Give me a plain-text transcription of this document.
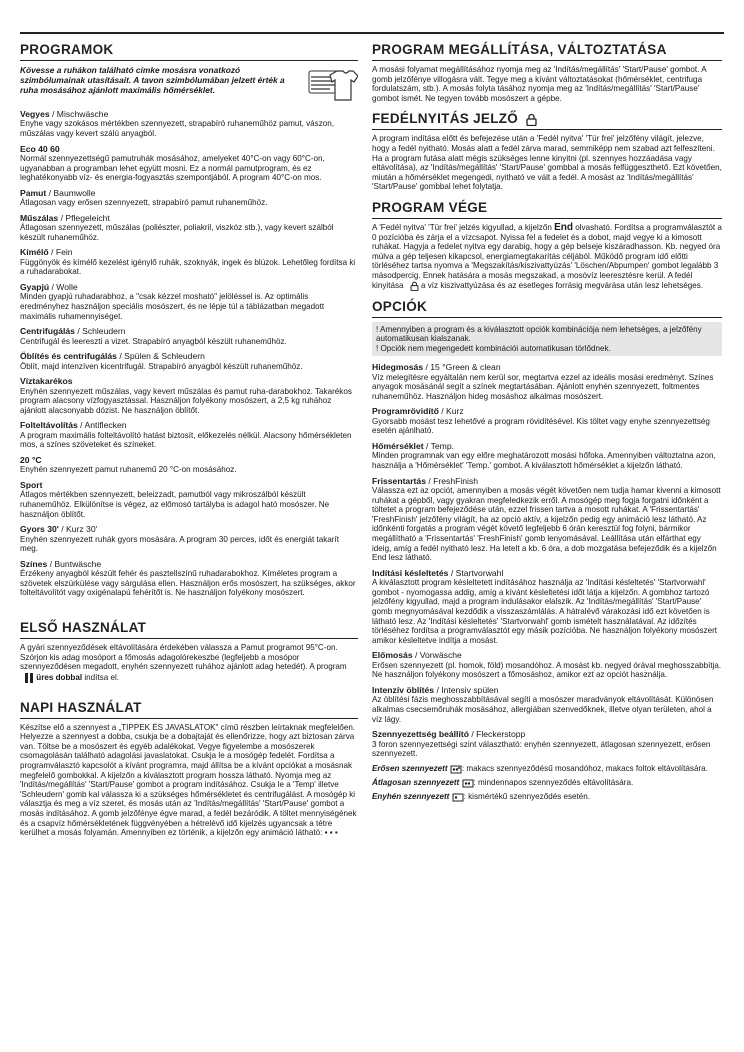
PROGRAMOK

Kövesse a ruhákon található címke mosásra vonatkozó szimbólumainak utasításait. A tavon szimbólumában jelzett érték a ruha mosásához ajánlott maximális hőmérséklet.

Vegyes / Mischwäsche

Enyhe vagy szokásos mértékben szennyezett, strapabíró ruhaneműhöz pamut, vászon, műszálas vagy kevert szálú anyagból.

Eco 40 60

Normál szennyezettségű pamutruhák mosásához, amelyeket 40°C-on vagy 60°C-on, ugyanabban a programban lehet együtt mosni. Ez a normál pamutprogram, és ez leghatékonyabb víz- és energia-fogyasztás szempontjából. A program 40°C-on mos.

Pamut / Baumwolle

Átlagosan vagy erősen szennyezett, strapabíró pamut ruhaneműhöz.

Műszálas / Pflegeleicht

Átlagosan szennyezett, műszálas (poliészter, poliakril, viszkóz stb.), vagy kevert szálból készült ruhaneműhöz.

Kímélő / Fein

Függönyök és kímélő kezelést igénylő ruhák, szoknyák, ingek és blúzok. Lehetőleg fordítsa ki a ruhadarabokat.

Gyapjú / Wolle

Minden gyapjú ruhadarabhoz, a "csak kézzel mosható" jelöléssel is. Az optimális eredményhez használjon speciális mosószert, és ne lépje túl a táblázatban megadott maximális ruhamennyiséget.

Centrifugálás / Schleudern

Centrifugál és leereszti a vizet. Strapabíró anyagból készült ruhaneműhöz.

Öblítés és centrifugálás / Spülen & Schleudern

Öblít, majd intenzíven kicentrifugál. Strapabíró anyagból készült ruhaneműhöz.

Víztakarékos

Enyhén szennyezett műszálas, vagy kevert műszálas és pamut ruha-darabokhoz. Takarékos program alacsony vízfogyasztással. Használjon folyékony mosószert, a 2,5 kg ruhához ajánlott alacsonyabb dózist. Ne használjon öblítőt.

Folteltávolítás / Antiflecken

A program maximális folteltávolító hatást biztosít, előkezelés nélkül. Alacsony hőmérsékleten mos, a színes szöveteket és színeket.

20 °C

Enyhén szennyezett pamut ruhanemű 20 °C-on mosásához.

Sport

Átlagos mértékben szennyezett, beleizzadt, pamutból vagy mikroszálból készült ruhaneműhöz. Elkülönítse is végez, az előmosó tartályba is adagol ható mosószer. Ne használjon öblítőt.

Gyors 30' / Kurz 30'

Enyhén szennyezett ruhák gyors mosására. A program 30 perces, időt és energiát takarít meg.

Színes / Buntwäsche

Érzékeny anyagból készült fehér és pasztellszínű ruhadarabokhoz. Kíméletes program a szövetek elszürkülése vagy sárgulása ellen. Használjon erős mosószert, ha szükséges, akkor folteltávolítót vagy oxigénalapú fehérítőt is. Ne használjon folyékony mosószert.

ELSŐ HASZNÁLAT

A gyári szennyeződések eltávolítására érdekében válassza a Pamut programot 95°C-on. Szórjon kis adag mosóport a főmosás adagolórekeszbe (legfeljebb a mosópor szennyeződésen megadott, enyhén szennyezett ruhához ajánlott adag hetedét). A program  üres dobbal indítsa el.

NAPI HASZNÁLAT

Készítse elő a szennyest a „TIPPEK ÉS JAVASLATOK" című részben leírtaknak megfelelően. Helyezze a szennyest a dobba, csukja be a dobajtaját és ellenőrizze, hogy azt biztosan zárva van. Töltse be a mosószert és egyéb adalékokat. Vegye figyelembe a mosószerek csomagolásán található adagolási javaslatokat. Csukja le a mosógép fedelét. Fordítsa a programválasztó kapcsolót a kívánt programra, majd állítsa be a kívánt opciókat a mosásnak megfelelő gombokkal. A kijelzőn a kiválasztott program hossza látható. Nyomja meg az 'Indítás/megállítás' 'Start/Pause' gombot a program indításához. Csukja le a 'Temp' illetve 'Schleudern' gomb kal válassza ki a szükséges hőmérsékletet és centrifugálást. A mosógép ki választja és meg a víz szeret, és mosás után az 'Indítás/megállítás' 'Start/Pause' gombot a mosás indításához. A gomb jelzőfénye égve marad, a fedél bezáródik. A töltet mennyiségének és a csapvíz hőmérsékletének függvényében a hétrelévő idő kijelzés ugyancsak a tétre kerülhet a mosás folyamán. Amennyiben ez történik, a kijelzőn egy animáció látható: ▪ ▪ ▪

PROGRAM MEGÁLLÍTÁSA, VÁLTOZTATÁSA

A mosási folyamat megállításához nyomja meg az 'Indítás/megállítás' 'Start/Pause' gombot. A gomb jelzőfénye villogásra vált. Tegye meg a kívánt változtatásokat (hőmérséklet, centrifuga fordulatszám, stb.). A mosás folyta tásához nyomja meg az 'Indítás/megállítás' 'Start/Pause' gombot ismét. Ne tegyen tovább mosószert a gépbe.

FEDÉLNYITÁS JELZŐ

A program indítása előtt és befejezése után a 'Fedél nyitva' 'Tür frei' jelzőfény világít, jelezve, hogy a fedél nyitható. Mosás alatt a fedél zárva marad, semmiképp nem szabad azt felfeszíteni. Ha a program futása alatt mégis szükséges lenne kinyitni (pl. szennyes hozzáadása vagy eltávolítása), az 'Indítás/megállítás' 'Start/Pause' gombbal a mosás felfüggeszthető. Ezt követően, miután a hőmérséklet megengedi, nyitható ve vált a fedél. A mosást az 'Indítás/megállítás' 'Start/Pause' gombbal lehet folytatja.

PROGRAM VÉGE

A 'Fedél nyitva' 'Tür frei' jelzés kigyullad, a kijelzőn End olvasható. Fordítsa a programválasztót a 0 pozícióba és zárja el a vízcsapot. Nyissa fel a fedelet és a dobot, majd vegye ki a kimosott ruhákat. Hagyja a fedelet nyitva egy darabig, hogy a gép belseje kiszáradhasson. Kb. negyed óra múlva a gép teljesen kikapcsol, energiamegtakarítás céljából. Működő program idő előtti törléséhez tartsa nyomva a 'Megszakítás/kiszivattyúzás' 'Löschen/Abpumpen' gombot legalább 3 másodpercig. Ennek hatására a mosás megszakad, a mosóvíz leeresztésre kerül. A fedél kinyitása a víz kiszivattyúzása és az esetleges forrásig megvárása után lesz lehetséges.

OPCIÓK

! Amennyiben a program és a kiválasztott opciók kombinációja nem lehetséges, a jelzőfény automatikusan kialszanak.

! Opciók nem megengedett kombinációi automatikusan törlődnek.

Hidegmosás / 15 °Green & clean

Víz melegítésre egyáltalán nem kerül sor, megtartva ezzel az ideális mosási eredményt. Színes anyagok mosásánál segít a színek megtartásában. Ajánlott enyhén szennyezett, foltmentes ruhaneműhöz. Használjon hideg mosáshoz alkalmas mosószert.

Programrövidítő / Kurz

Gyorsabb mosást tesz lehetővé a program rövidítésével. Kis töltet vagy enyhe szennyezettség esetén ajánlható.

Hőmérséklet / Temp.

Minden programnak van egy előre meghatározott mosási hőfoka. Amennyiben változtatna azon, használja a 'Hőmérséklet' 'Temp.' gombot. A kiválasztott hőmérséklet a kijelzőn látható.

Frissentartás / FreshFinish

Válassza ezt az opciót, amennyiben a mosás végét követően nem tudja hamar kivenni a kimosott ruhákat a gépből, vagy gyakran megfeledkezik erről. A mosógép meg fogja forgatni időnként a töltetet a program befejeződése után, ezzel frissen tartva a mosott ruhákat. A 'Frissentartás' 'FreshFinish' jelzőfény világít, ha az opció aktív, a kijelzőn pedig egy animáció lesz látható. Az időnkénti forgatás a program végét követő legfeljebb 6 órán keresztül fog folyni, bármikor megállítható a 'Frissentartás' 'FreshFinish' gomb lenyomásával. Leállítása után elfárthat egy ideig, amíg a fedél nyitható lesz. Ha letelt a kb. 6 óra, a dob mozgatása befejeződik és a kijelzőn End lesz látható.

Indítási késleltetés / Startvorwahl

A kiválasztott program késleltetett indításához használja az 'Indítási késleltetés' 'Startvorwahl' gombot - nyomogassa addig, amíg a kívánt késleltetési időt látja a kijelzőn. A gombhoz tartozó jelzőfény kigyullad, majd a program indulásakor elalszik. Az 'Indítás/megállítás' 'Start/Pause' gomb megnyomásával kezdődik a visszaszámlálás. A hátralévő várakozási idő ezt követően is látható lesz. Az 'Indítási késleltetés' 'Startvorwahl' gomb ismételt használatával. Az időzítés törléséhez fordítsa a programválasztót egy másik pozícióba. Ne használjon folyékony mosószert amikor késleltetve indítja a mosást.

Előmosás / Vorwäsche

Erősen szennyezett (pl. homok, föld) mosandóhoz. A mosást kb. negyed órával meghosszabbítja. Ne használjon folyékony mosószert a főmosáshoz, amikor ezt az opciót használja.

Intenzív öblítés / Intensiv spülen

Az öblítési fázis meghosszabbításával segíti a mosószer maradványok eltávolítását. Különösen alkalmas csecsemőruhák mosásához, allergiában szenvedőknek, illetve olyan területen, ahol a víz lágy.

Szennyezettség beállító / Fleckerstopp

3 foron szennyezettségi szint választható: enyhén szennyezett, átlagosan szennyezett, erősen szennyezett.

Erősen szennyezett : makacs szennyeződésű mosandóhoz, makacs foltok eltávolítására.

Átlagosan szennyezett : mindennapos szennyeződés eltávolítására.

Enyhén szennyezett : kismértékű szennyeződés esetén.
